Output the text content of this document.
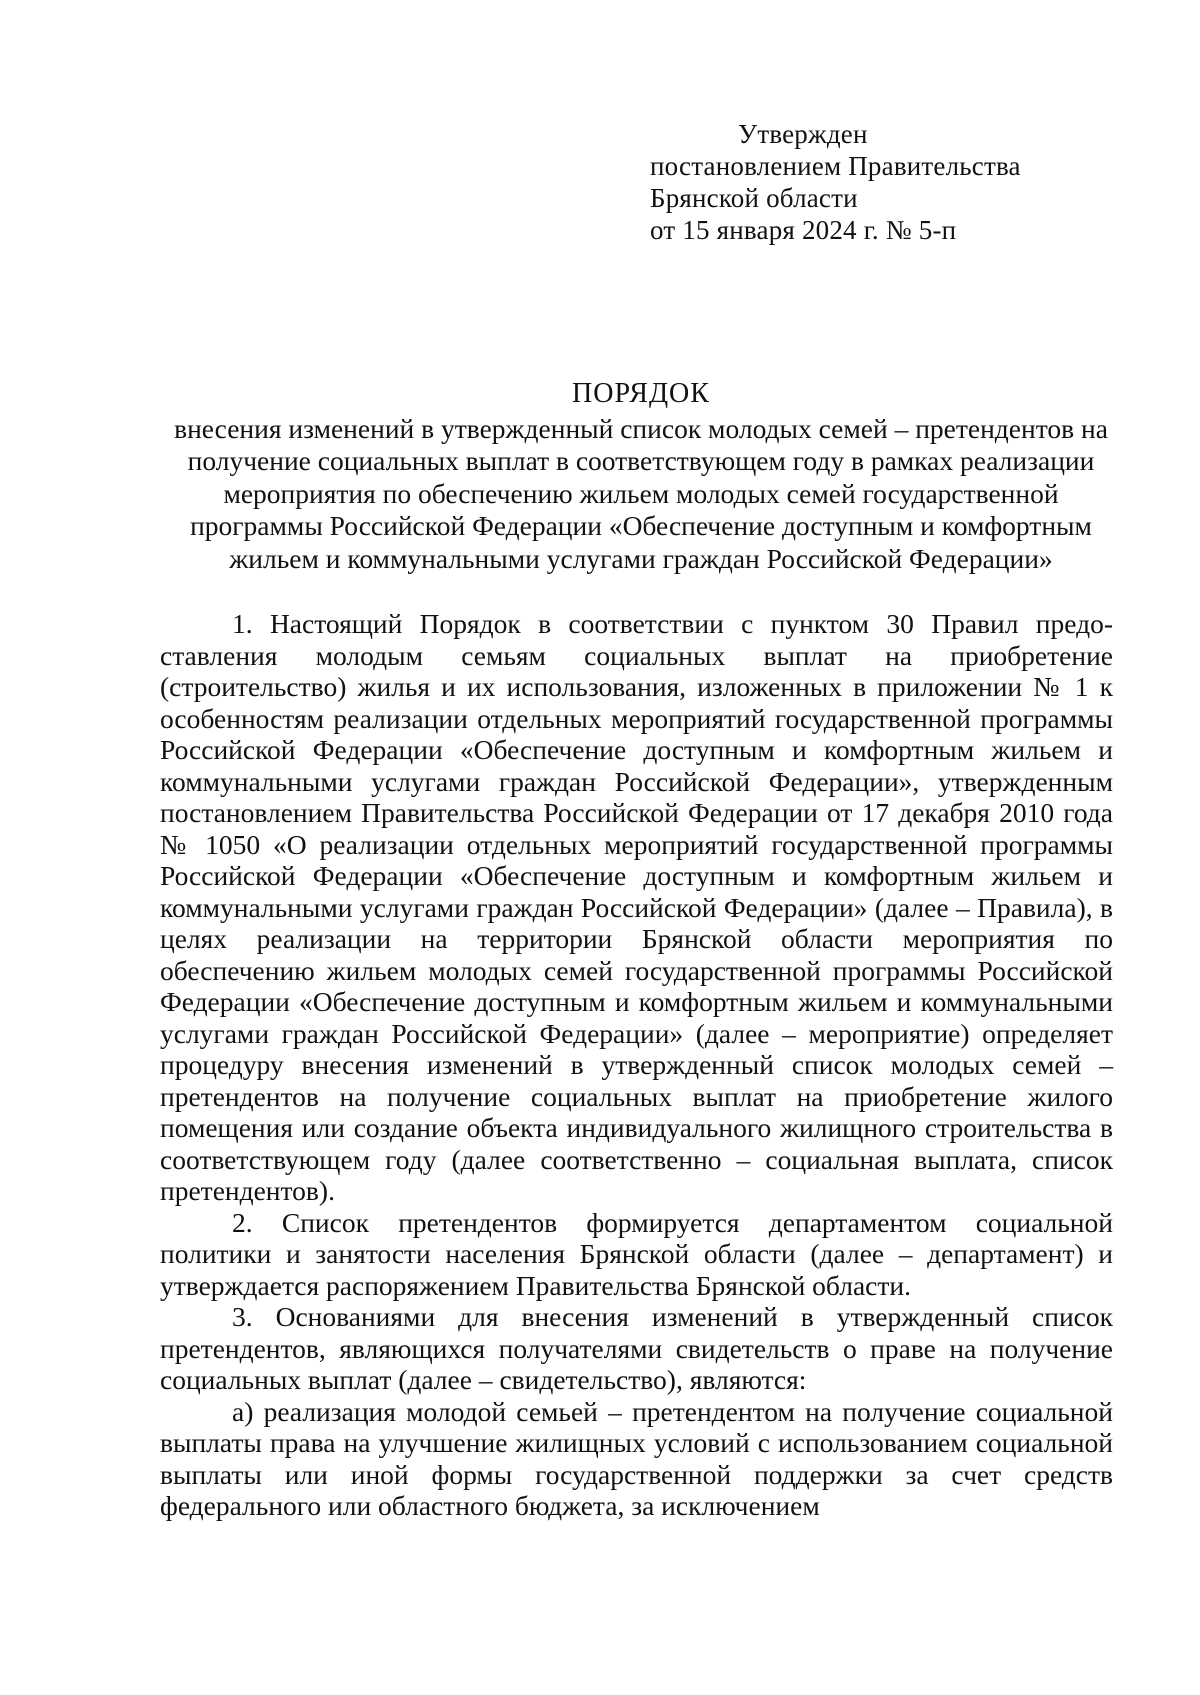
Утвержден
постановлением Правительства
Брянской области
от 15 января 2024 г. № 5-п
ПОРЯДОК
внесения изменений в утвержденный список молодых семей – претендентов на получение социальных выплат в соответствующем году в рамках реализации мероприятия по обеспечению жильем молодых семей государственной программы Российской Федерации «Обеспечение доступным и комфортным жильем и коммунальными услугами граждан Российской Федерации»

1. Настоящий Порядок в соответствии с пунктом 30 Правил предоставления молодым семьям социальных выплат на приобретение (строительство) жилья и их использования, изложенных в приложении № 1 к особенностям реализации отдельных мероприятий государственной программы Российской Федерации «Обеспечение доступным и комфортным жильем и коммунальными услугами граждан Российской Федерации», утвержденным постановлением Правительства Российской Федерации от 17 декабря 2010 года № 1050 «О реализации отдельных мероприятий государственной программы Российской Федерации «Обеспечение доступным и комфортным жильем и коммунальными услугами граждан Российской Федерации» (далее – Правила), в целях реализации на территории Брянской области мероприятия по обеспечению жильем молодых семей государственной программы Российской Федерации «Обеспечение доступным и комфортным жильем и коммунальными услугами граждан Российской Федерации» (далее – мероприятие) определяет процедуру внесения изменений в утвержденный список молодых семей – претендентов на получение социальных выплат на приобретение жилого помещения или создание объекта индивидуального жилищного строительства в соответствующем году (далее соответственно – социальная выплата, список претендентов).

2. Список претендентов формируется департаментом социальной политики и занятости населения Брянской области (далее – департамент) и утверждается распоряжением Правительства Брянской области.

3. Основаниями для внесения изменений в утвержденный список претендентов, являющихся получателями свидетельств о праве на получение социальных выплат (далее – свидетельство), являются:

а) реализация молодой семьей – претендентом на получение социальной выплаты права на улучшение жилищных условий с использованием социальной выплаты или иной формы государственной поддержки за счет средств федерального или областного бюджета, за исключением
